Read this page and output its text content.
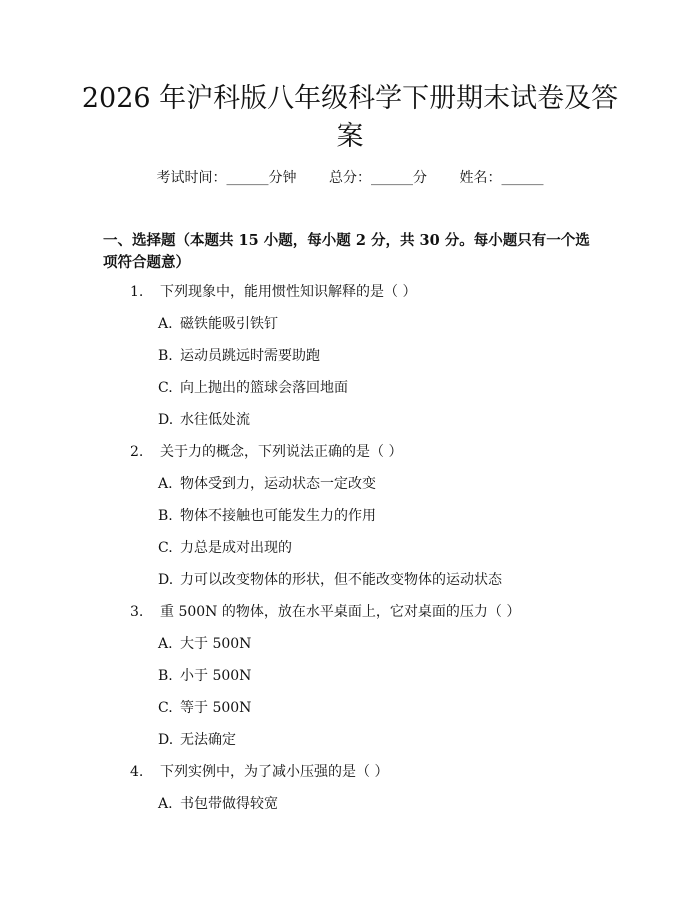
2026 年沪科版八年级科学下册期末试卷及答
案
考试时间：______分钟 总分：______分 姓名：______
一、选择题（本题共 15 小题，每小题 2 分，共 30 分。每小题只有一个选项符合题意）
1. 下列现象中，能用惯性知识解释的是（ ）
A. 磁铁能吸引铁钉
B. 运动员跳远时需要助跑
C. 向上抛出的篮球会落回地面
D. 水往低处流
2. 关于力的概念，下列说法正确的是（ ）
A. 物体受到力，运动状态一定改变
B. 物体不接触也可能发生力的作用
C. 力总是成对出现的
D. 力可以改变物体的形状，但不能改变物体的运动状态
3. 重 500N 的物体，放在水平桌面上，它对桌面的压力（ ）
A. 大于 500N
B. 小于 500N
C. 等于 500N
D. 无法确定
4. 下列实例中，为了减小压强的是（ ）
A. 书包带做得较宽
